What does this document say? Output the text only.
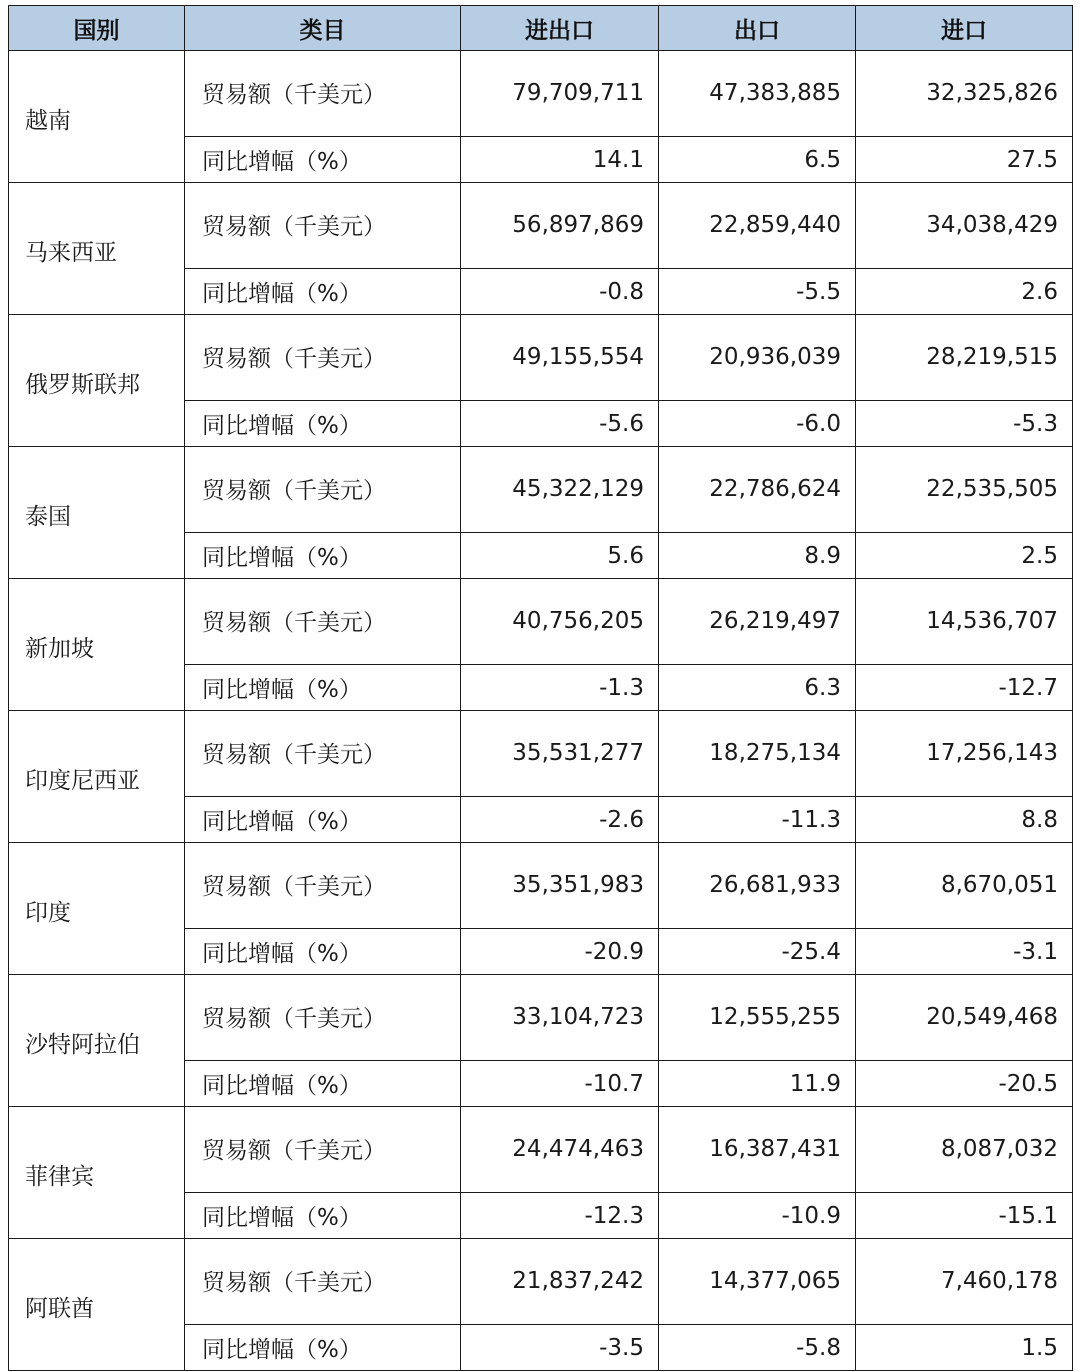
国别	类目	进出口	出口	进口
越南	贸易额（千美元）	79,709,711	47,383,885	32,325,826
	同比增幅（%）	14.1	6.5	27.5
马来西亚	贸易额（千美元）	56,897,869	22,859,440	34,038,429
	同比增幅（%）	-0.8	-5.5	2.6
俄罗斯联邦	贸易额（千美元）	49,155,554	20,936,039	28,219,515
	同比增幅（%）	-5.6	-6.0	-5.3
泰国	贸易额（千美元）	45,322,129	22,786,624	22,535,505
	同比增幅（%）	5.6	8.9	2.5
新加坡	贸易额（千美元）	40,756,205	26,219,497	14,536,707
	同比增幅（%）	-1.3	6.3	-12.7
印度尼西亚	贸易额（千美元）	35,531,277	18,275,134	17,256,143
	同比增幅（%）	-2.6	-11.3	8.8
印度	贸易额（千美元）	35,351,983	26,681,933	8,670,051
	同比增幅（%）	-20.9	-25.4	-3.1
沙特阿拉伯	贸易额（千美元）	33,104,723	12,555,255	20,549,468
	同比增幅（%）	-10.7	11.9	-20.5
菲律宾	贸易额（千美元）	24,474,463	16,387,431	8,087,032
	同比增幅（%）	-12.3	-10.9	-15.1
阿联酋	贸易额（千美元）	21,837,242	14,377,065	7,460,178
	同比增幅（%）	-3.5	-5.8	1.5
